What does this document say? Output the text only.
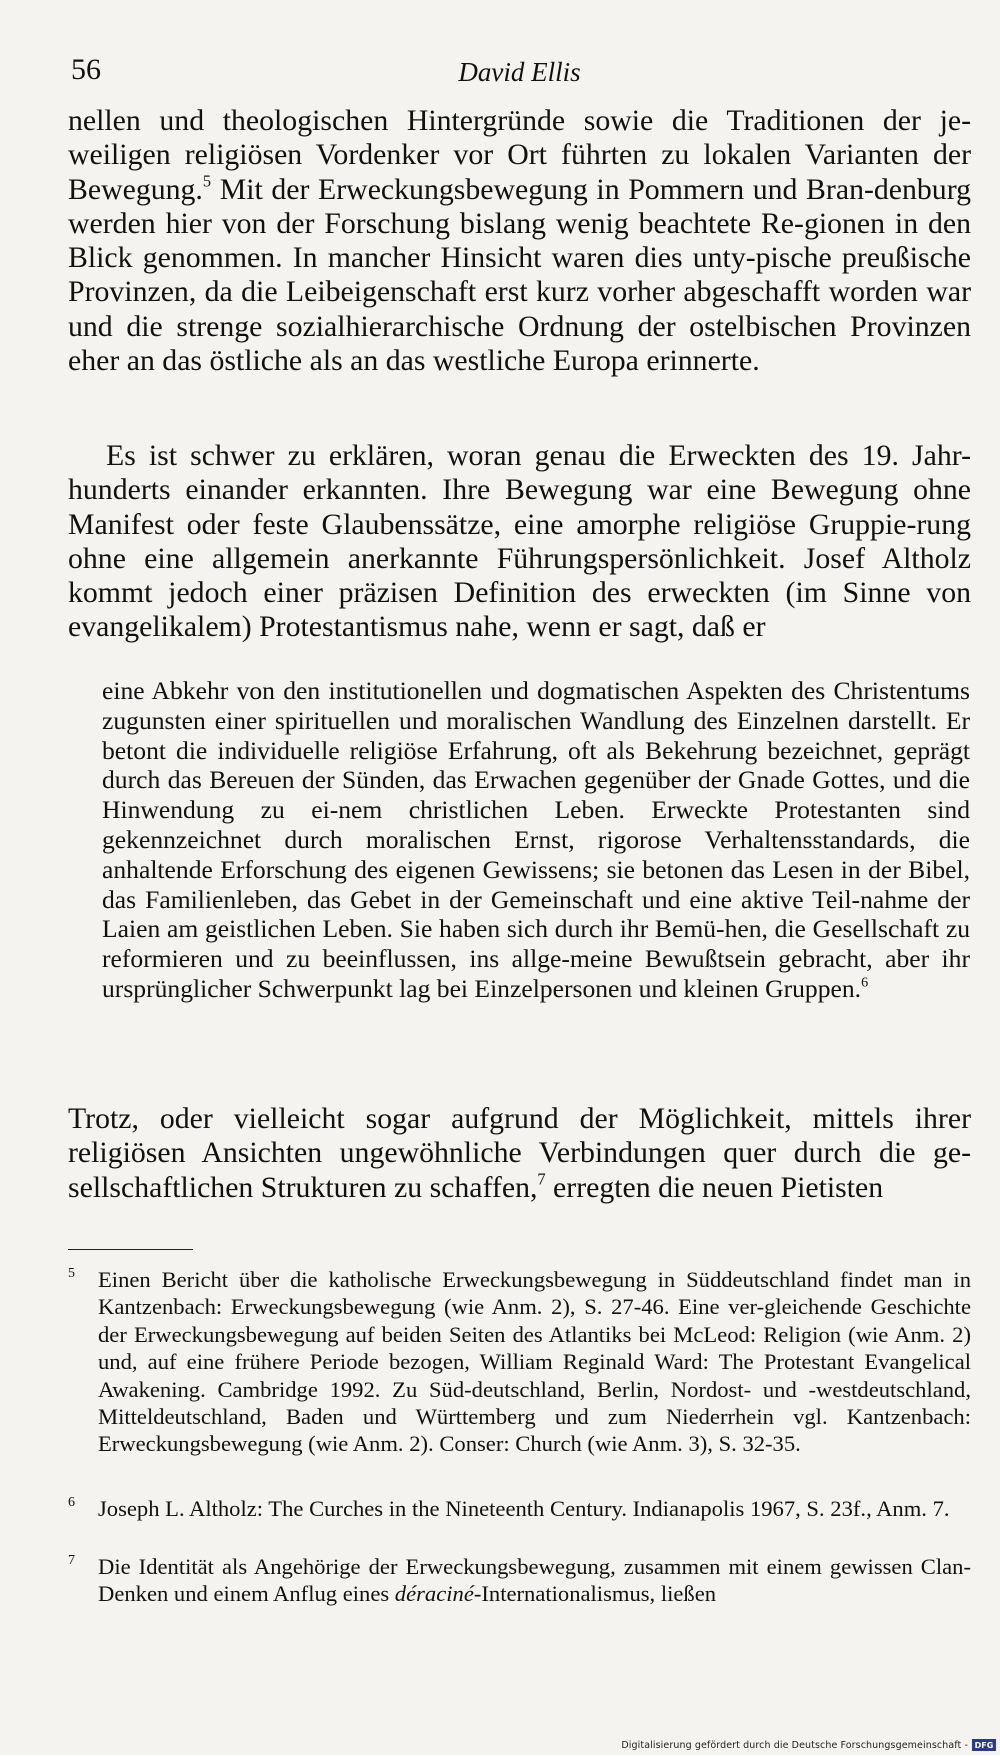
56	David Ellis

nellen und theologischen Hintergründe sowie die Traditionen der je-weiligen religiösen Vordenker vor Ort führten zu lokalen Varianten der Bewegung.$^5$ Mit der Erweckungsbewegung in Pommern und Bran-denburg werden hier von der Forschung bislang wenig beachtete Re-gionen in den Blick genommen. In mancher Hinsicht waren dies unty-pische preußische Provinzen, da die Leibeigenschaft erst kurz vorher abgeschafft worden war und die strenge sozialhierarchische Ordnung der ostelbischen Provinzen eher an das östliche als an das westliche Europa erinnerte.

Es ist schwer zu erklären, woran genau die Erweckten des 19. Jahr-hunderts einander erkannten. Ihre Bewegung war eine Bewegung ohne Manifest oder feste Glaubenssätze, eine amorphe religiöse Gruppie-rung ohne eine allgemein anerkannte Führungspersönlichkeit. Josef Altholz kommt jedoch einer präzisen Definition des erweckten (im Sinne von evangelikalem) Protestantismus nahe, wenn er sagt, daß er

eine Abkehr von den institutionellen und dogmatischen Aspekten des Christentums zugunsten einer spirituellen und moralischen Wandlung des Einzelnen darstellt. Er betont die individuelle religiöse Erfahrung, oft als Bekehrung bezeichnet, geprägt durch das Bereuen der Sünden, das Erwachen gegenüber der Gnade Gottes, und die Hinwendung zu ei-nem christlichen Leben. Erweckte Protestanten sind gekennzeichnet durch moralischen Ernst, rigorose Verhaltensstandards, die anhaltende Erforschung des eigenen Gewissens; sie betonen das Lesen in der Bibel, das Familienleben, das Gebet in der Gemeinschaft und eine aktive Teil-nahme der Laien am geistlichen Leben. Sie haben sich durch ihr Bemü-hen, die Gesellschaft zu reformieren und zu beeinflussen, ins allge-meine Bewußtsein gebracht, aber ihr ursprünglicher Schwerpunkt lag bei Einzelpersonen und kleinen Gruppen.$^6$

Trotz, oder vielleicht sogar aufgrund der Möglichkeit, mittels ihrer religiösen Ansichten ungewöhnliche Verbindungen quer durch die ge-sellschaftlichen Strukturen zu schaffen,$^7$ erregten die neuen Pietisten

5 Einen Bericht über die katholische Erweckungsbewegung in Süddeutschland findet man in Kantzenbach: Erweckungsbewegung (wie Anm. 2), S. 27-46. Eine ver-gleichende Geschichte der Erweckungsbewegung auf beiden Seiten des Atlantiks bei McLeod: Religion (wie Anm. 2) und, auf eine frühere Periode bezogen, William Reginald Ward: The Protestant Evangelical Awakening. Cambridge 1992. Zu Süd-deutschland, Berlin, Nordost- und -westdeutschland, Mitteldeutschland, Baden und Württemberg und zum Niederrhein vgl. Kantzenbach: Erweckungsbewegung (wie Anm. 2). Conser: Church (wie Anm. 3), S. 32-35.
6 Joseph L. Altholz: The Curches in the Nineteenth Century. Indianapolis 1967, S. 23f., Anm. 7.
7 Die Identität als Angehörige der Erweckungsbewegung, zusammen mit einem gewissen Clan-Denken und einem Anflug eines déraciné-Internationalismus, ließen
Digitalisierung gefördert durch die Deutsche Forschungsgemeinschaft - DFG
